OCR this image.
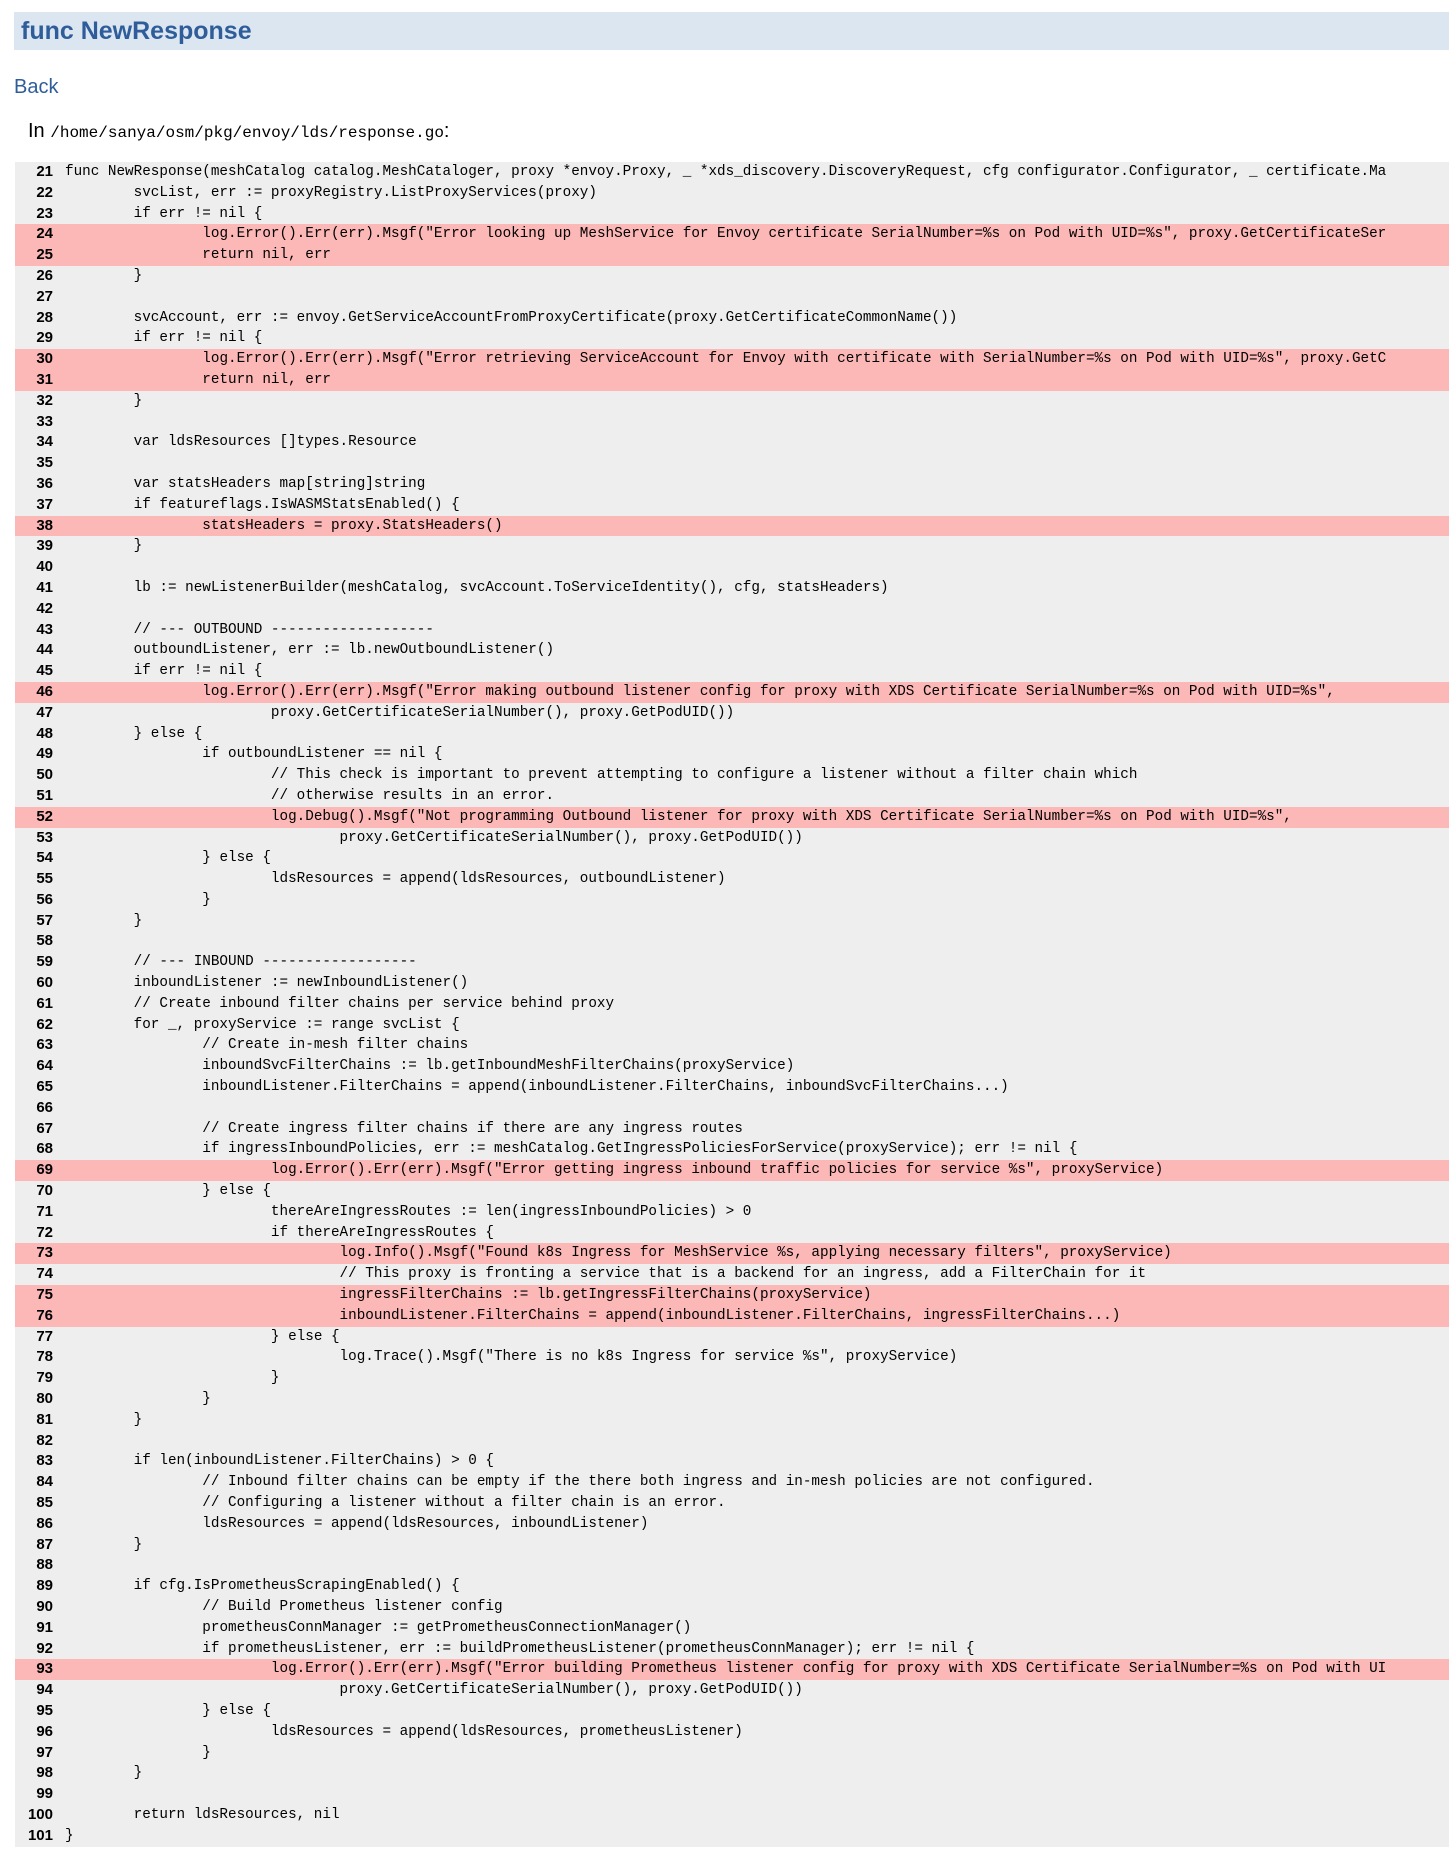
func NewResponse
Back
In /home/sanya/osm/pkg/envoy/lds/response.go:
21 func NewResponse(meshCatalog catalog.MeshCataloger, proxy *envoy.Proxy, _ *xds_discovery.DiscoveryRequest, cfg configurator.Configurator, _ certificate.Ma
22	svcList, err := proxyRegistry.ListProxyServices(proxy)
23	if err != nil {
24		log.Error().Err(err).Msgf("Error looking up MeshService for Envoy certificate SerialNumber=%s on Pod with UID=%s", proxy.GetCertificateSer
25		return nil, err
26	}
27
28	svcAccount, err := envoy.GetServiceAccountFromProxyCertificate(proxy.GetCertificateCommonName())
29	if err != nil {
30		log.Error().Err(err).Msgf("Error retrieving ServiceAccount for Envoy with certificate with SerialNumber=%s on Pod with UID=%s", proxy.GetC
31		return nil, err
32	}
33
34	var ldsResources []types.Resource
35
36	var statsHeaders map[string]string
37	if featureflags.IsWASMStatsEnabled() {
38		statsHeaders = proxy.StatsHeaders()
39	}
40
41	lb := newListenerBuilder(meshCatalog, svcAccount.ToServiceIdentity(), cfg, statsHeaders)
42
43	// --- OUTBOUND -------------------
44	outboundListener, err := lb.newOutboundListener()
45	if err != nil {
46		log.Error().Err(err).Msgf("Error making outbound listener config for proxy with XDS Certificate SerialNumber=%s on Pod with UID=%s",
47			proxy.GetCertificateSerialNumber(), proxy.GetPodUID())
48	} else {
49		if outboundListener == nil {
50			// This check is important to prevent attempting to configure a listener without a filter chain which
51			// otherwise results in an error.
52			log.Debug().Msgf("Not programming Outbound listener for proxy with XDS Certificate SerialNumber=%s on Pod with UID=%s",
53				proxy.GetCertificateSerialNumber(), proxy.GetPodUID())
54		} else {
55			ldsResources = append(ldsResources, outboundListener)
56		}
57	}
58
59	// --- INBOUND ------------------
60	inboundListener := newInboundListener()
61	// Create inbound filter chains per service behind proxy
62	for _, proxyService := range svcList {
63		// Create in-mesh filter chains
64		inboundSvcFilterChains := lb.getInboundMeshFilterChains(proxyService)
65		inboundListener.FilterChains = append(inboundListener.FilterChains, inboundSvcFilterChains...)
66
67		// Create ingress filter chains if there are any ingress routes
68		if ingressInboundPolicies, err := meshCatalog.GetIngressPoliciesForService(proxyService); err != nil {
69			log.Error().Err(err).Msgf("Error getting ingress inbound traffic policies for service %s", proxyService)
70		} else {
71			thereAreIngressRoutes := len(ingressInboundPolicies) > 0
72			if thereAreIngressRoutes {
73				log.Info().Msgf("Found k8s Ingress for MeshService %s, applying necessary filters", proxyService)
74				// This proxy is fronting a service that is a backend for an ingress, add a FilterChain for it
75				ingressFilterChains := lb.getIngressFilterChains(proxyService)
76				inboundListener.FilterChains = append(inboundListener.FilterChains, ingressFilterChains...)
77			} else {
78				log.Trace().Msgf("There is no k8s Ingress for service %s", proxyService)
79			}
80		}
81	}
82
83	if len(inboundListener.FilterChains) > 0 {
84		// Inbound filter chains can be empty if the there both ingress and in-mesh policies are not configured.
85		// Configuring a listener without a filter chain is an error.
86		ldsResources = append(ldsResources, inboundListener)
87	}
88
89	if cfg.IsPrometheusScrapingEnabled() {
90		// Build Prometheus listener config
91		prometheusConnManager := getPrometheusConnectionManager()
92		if prometheusListener, err := buildPrometheusListener(prometheusConnManager); err != nil {
93			log.Error().Err(err).Msgf("Error building Prometheus listener config for proxy with XDS Certificate SerialNumber=%s on Pod with UI
94				proxy.GetCertificateSerialNumber(), proxy.GetPodUID())
95		} else {
96			ldsResources = append(ldsResources, prometheusListener)
97		}
98	}
99
100	return ldsResources, nil
101 }
